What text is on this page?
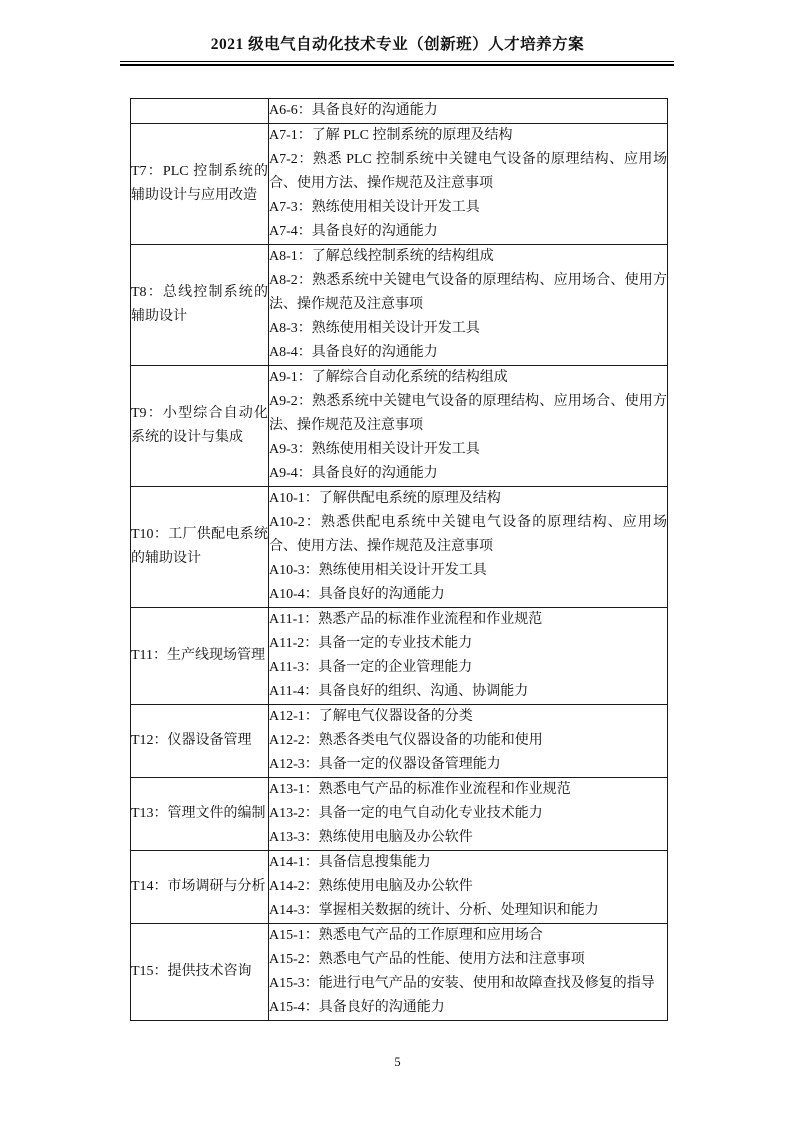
2021 级电气自动化技术专业（创新班）人才培养方案

	A6-6：具备良好的沟通能力

T7：PLC 控制系统的辅助设计与应用改造	A7-1：了解 PLC 控制系统的原理及结构
A7-2：熟悉 PLC 控制系统中关键电气设备的原理结构、应用场合、使用方法、操作规范及注意事项
A7-3：熟练使用相关设计开发工具
A7-4：具备良好的沟通能力

T8：总线控制系统的辅助设计	A8-1：了解总线控制系统的结构组成
A8-2：熟悉系统中关键电气设备的原理结构、应用场合、使用方法、操作规范及注意事项
A8-3：熟练使用相关设计开发工具
A8-4：具备良好的沟通能力

T9：小型综合自动化系统的设计与集成	A9-1：了解综合自动化系统的结构组成
A9-2：熟悉系统中关键电气设备的原理结构、应用场合、使用方法、操作规范及注意事项
A9-3：熟练使用相关设计开发工具
A9-4：具备良好的沟通能力

T10：工厂供配电系统的辅助设计	A10-1：了解供配电系统的原理及结构
A10-2：熟悉供配电系统中关键电气设备的原理结构、应用场合、使用方法、操作规范及注意事项
A10-3：熟练使用相关设计开发工具
A10-4：具备良好的沟通能力

T11：生产线现场管理	A11-1：熟悉产品的标准作业流程和作业规范
A11-2：具备一定的专业技术能力
A11-3：具备一定的企业管理能力
A11-4：具备良好的组织、沟通、协调能力

T12：仪器设备管理	A12-1：了解电气仪器设备的分类
A12-2：熟悉各类电气仪器设备的功能和使用
A12-3：具备一定的仪器设备管理能力

T13：管理文件的编制	A13-1：熟悉电气产品的标准作业流程和作业规范
A13-2：具备一定的电气自动化专业技术能力
A13-3：熟练使用电脑及办公软件

T14：市场调研与分析	A14-1：具备信息搜集能力
A14-2：熟练使用电脑及办公软件
A14-3：掌握相关数据的统计、分析、处理知识和能力

T15：提供技术咨询	A15-1：熟悉电气产品的工作原理和应用场合
A15-2：熟悉电气产品的性能、使用方法和注意事项
A15-3：能进行电气产品的安装、使用和故障查找及修复的指导
A15-4：具备良好的沟通能力
5
